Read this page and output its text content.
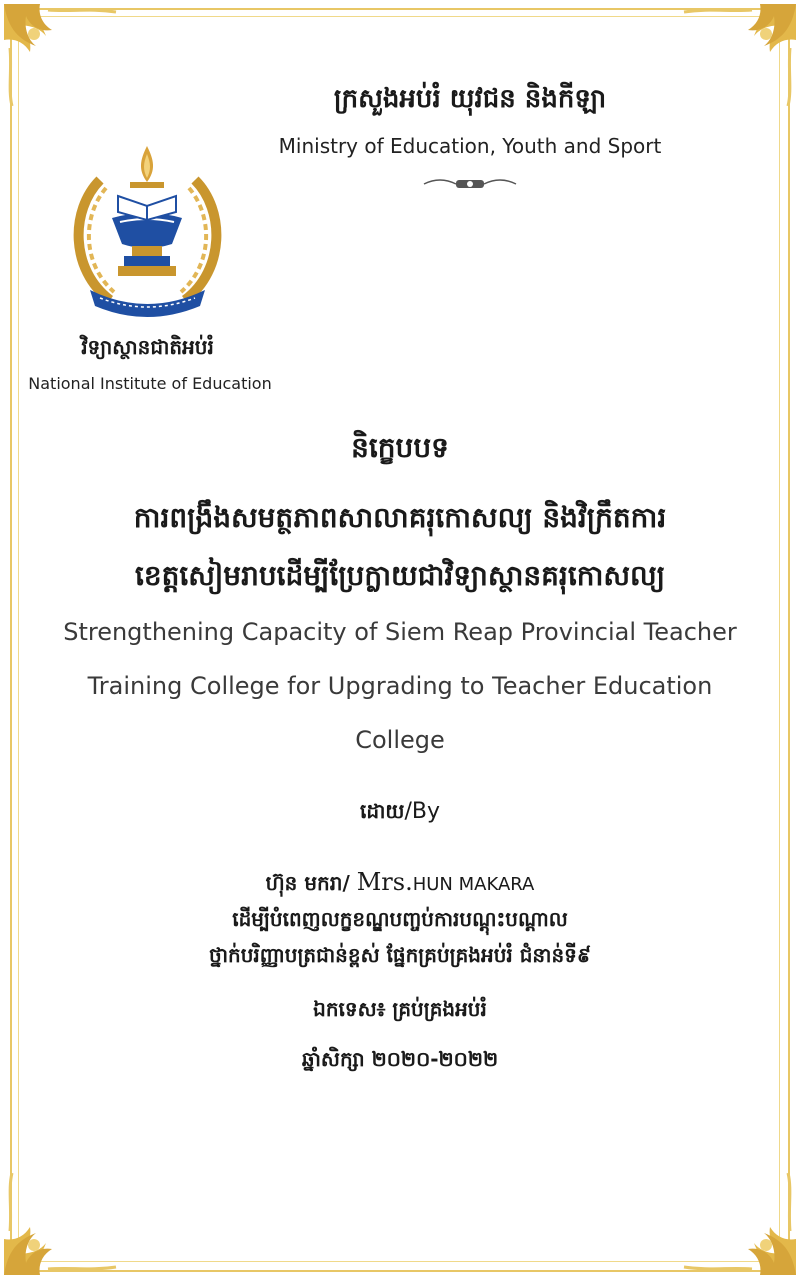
ក្រសួងអប់រំ យុវជន និងកីឡា
Ministry of Education, Youth and Sport
វិទ្យាស្ថានជាតិអប់រំ
National Institute of Education
និក្ខេបបទ
ការពង្រឹងសមត្ថភាពសាលាគរុកោសល្យ និងវិក្រឹតការ
ខេត្តសៀមរាបដើម្បីប្រែក្លាយជាវិទ្យាស្ថានគរុកោសល្យ
Strengthening Capacity of Siem Reap Provincial Teacher
Training College for Upgrading to Teacher Education
College
ដោយ/By
ហ៊ុន មករា/ Mrs.HUN MAKARA
ដើម្បីបំពេញលក្ខខណ្ឌបញ្ចប់ការបណ្តុះបណ្តាល
ថ្នាក់បរិញ្ញាបត្រជាន់ខ្ពស់ ផ្នែកគ្រប់គ្រងអប់រំ ជំនាន់ទី៩
ឯកទេស៖ គ្រប់គ្រងអប់រំ
ឆ្នាំសិក្សា ២០២០-២០២២
